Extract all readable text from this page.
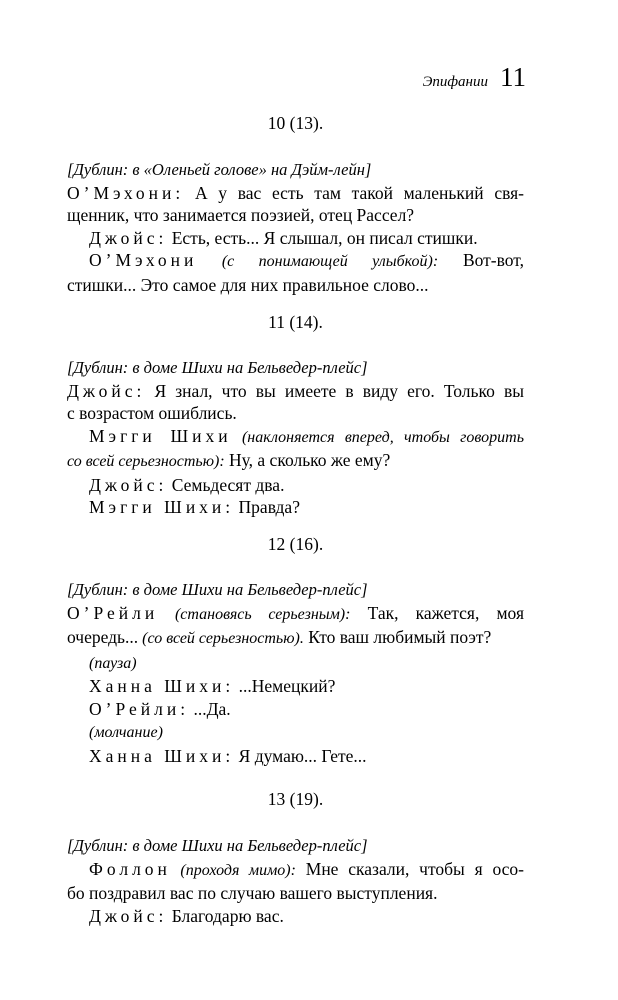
Эпифании 11

10 (13).

[Дублин: в «Оленьей голове» на Дэйм-лейн]

О’Мэхони: А у вас есть там такой маленький свя-

щенник, что занимается поэзией, отец Рассел?

Джойс: Есть, есть... Я слышал, он писал стишки.

О’Мэхони (с понимающей улыбкой): Вот-вот,

стишки... Это самое для них правильное слово...

11 (14).

[Дублин: в доме Шихи на Бельведер-плейс]

Джойс: Я знал, что вы имеете в виду его. Только вы

с возрастом ошиблись.

Мэгги Шихи (наклоняется вперед, чтобы говорить

со всей серьезностью): Ну, а сколько же ему?

Джойс: Семьдесят два.

Мэгги Шихи: Правда?

12 (16).

[Дублин: в доме Шихи на Бельведер-плейс]

О’Рейли (становясь серьезным): Так, кажется, моя

очередь... (со всей серьезностью). Кто ваш любимый поэт?

(пауза)

Ханна Шихи: ...Немецкий?

О’Рейли: ...Да.

(молчание)

Ханна Шихи: Я думаю... Гете...

13 (19).

[Дублин: в доме Шихи на Бельведер-плейс]

Фоллон (проходя мимо): Мне сказали, чтобы я осо-

бо поздравил вас по случаю вашего выступления.

Джойс: Благодарю вас.
